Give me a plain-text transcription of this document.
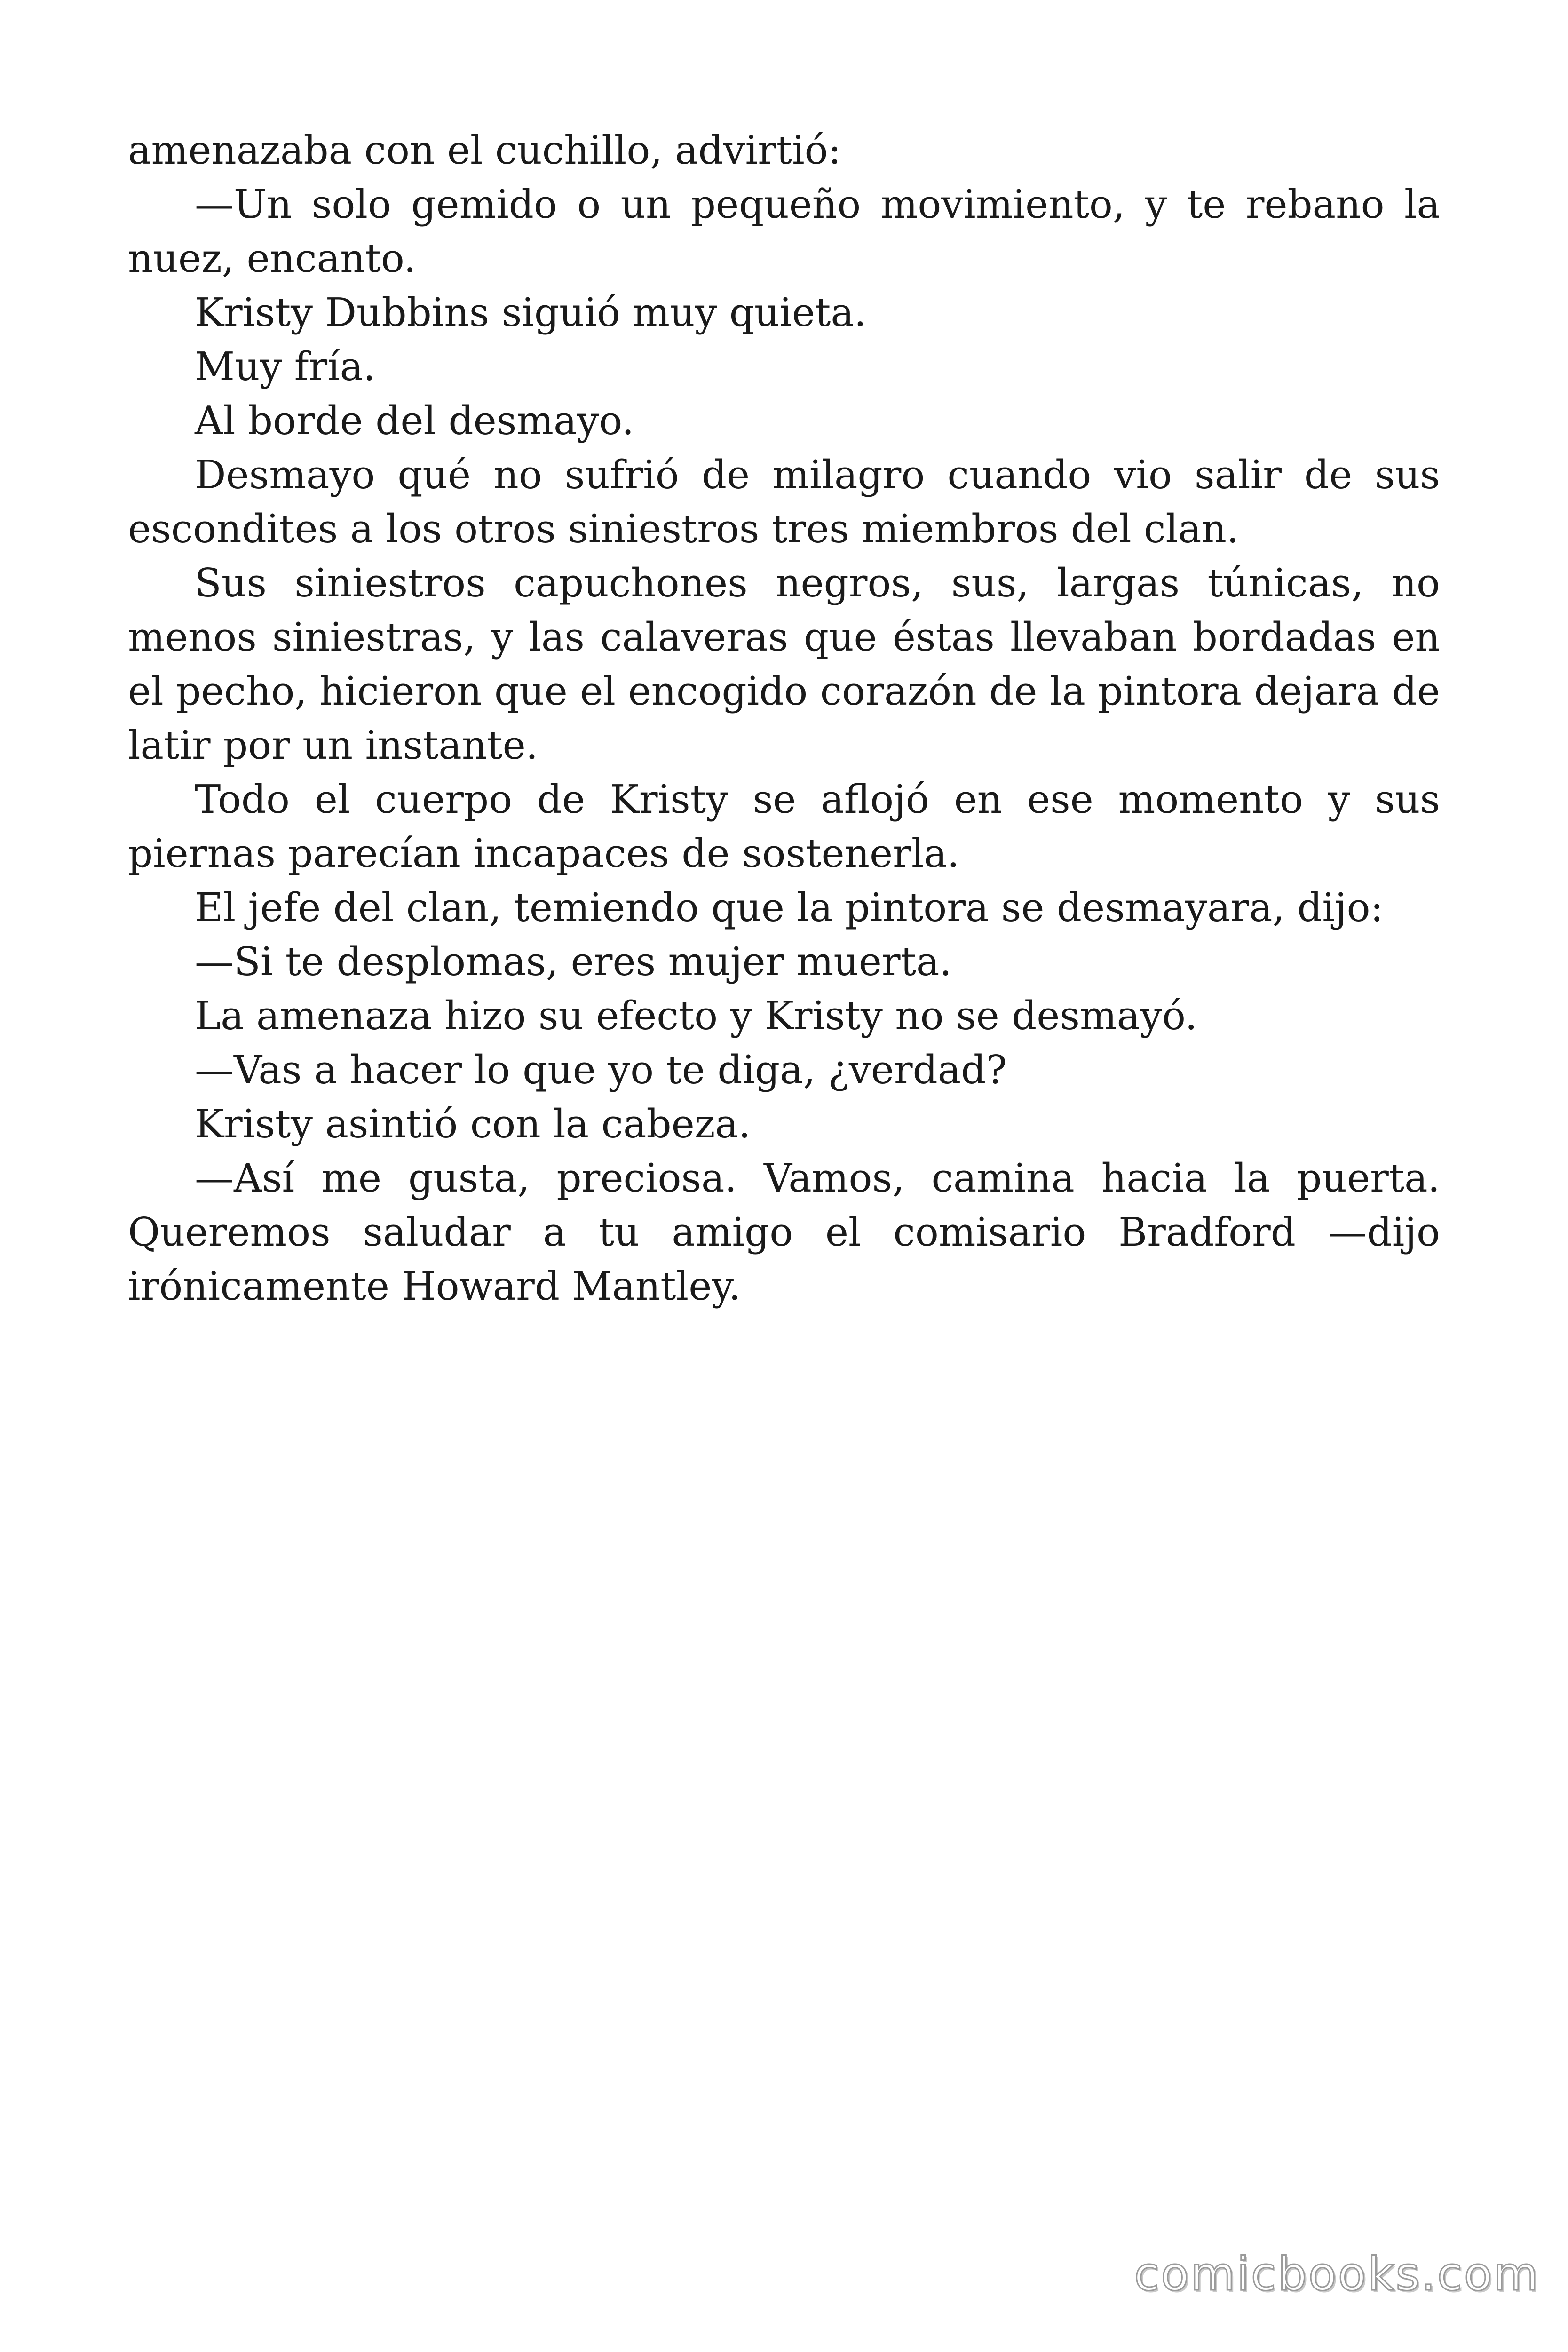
amenazaba con el cuchillo, advirtió:

—Un solo gemido o un pequeño movimiento, y te rebano la nuez, encanto.

Kristy Dubbins siguió muy quieta.

Muy fría.

Al borde del desmayo.

Desmayo qué no sufrió de milagro cuando vio salir de sus escondites a los otros siniestros tres miembros del clan.

Sus siniestros capuchones negros, sus, largas túnicas, no menos siniestras, y las calaveras que éstas llevaban bordadas en el pecho, hicieron que el encogido corazón de la pintora dejara de latir por un instante.

Todo el cuerpo de Kristy se aflojó en ese momento y sus piernas parecían incapaces de sostenerla.

El jefe del clan, temiendo que la pintora se desmayara, dijo:

—Si te desplomas, eres mujer muerta.

La amenaza hizo su efecto y Kristy no se desmayó.

—Vas a hacer lo que yo te diga, ¿verdad?

Kristy asintió con la cabeza.

—Así me gusta, preciosa. Vamos, camina hacia la puerta. Queremos saludar a tu amigo el comisario Bradford —dijo irónicamente Howard Mantley.

comicbooks.com
